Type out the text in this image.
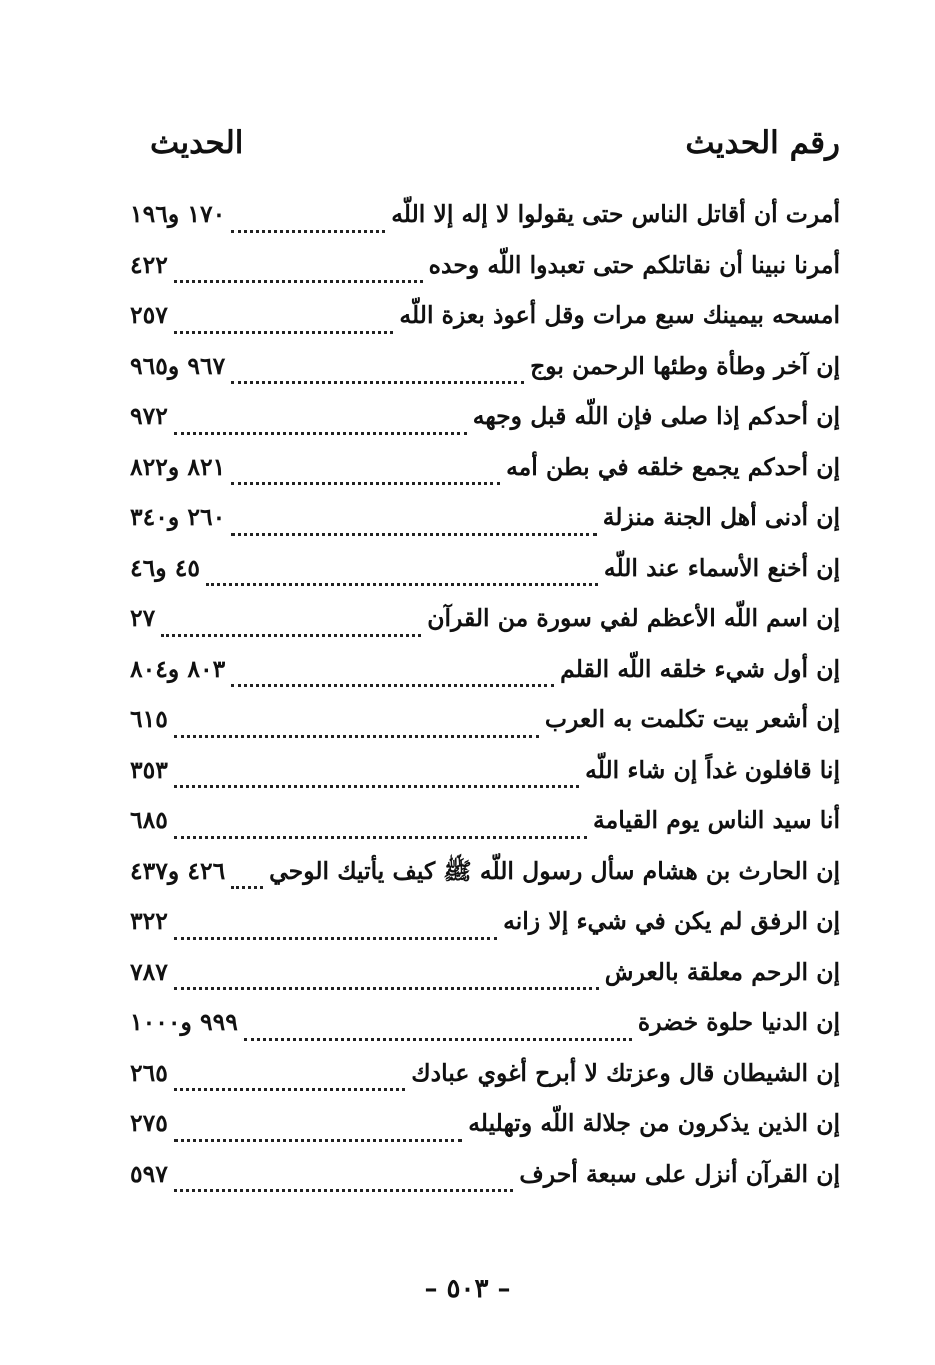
الحديث	رقم الحديث
أمرت أن أقاتل الناس حتى يقولوا لا إله إلا اللّه
١٧٠ و١٩٦
أمرنا نبينا أن نقاتلكم حتى تعبدوا اللّه وحده
٤٢٢
امسحه بيمينك سبع مرات وقل أعوذ بعزة اللّه
٢٥٧
إن آخر وطأة وطئها الرحمن بوج
٩٦٧ و٩٦٥
إن أحدكم إذا صلى فإن اللّه قبل وجهه
٩٧٢
إن أحدكم يجمع خلقه في بطن أمه
٨٢١ و٨٢٢
إن أدنى أهل الجنة منزلة
٢٦٠ و٣٤٠
إن أخنع الأسماء عند اللّه
٤٥ و٤٦
إن اسم اللّه الأعظم لفي سورة من القرآن
٢٧
إن أول شيء خلقه اللّه القلم
٨٠٣ و٨٠٤
إن أشعر بيت تكلمت به العرب
٦١٥
إنا قافلون غداً إن شاء اللّه
٣٥٣
أنا سيد الناس يوم القيامة
٦٨٥
إن الحارث بن هشام سأل رسول اللّه ﷺ كيف يأتيك الوحي
٤٢٦ و٤٣٧
إن الرفق لم يكن في شيء إلا زانه
٣٢٢
إن الرحم معلقة بالعرش
٧٨٧
إن الدنيا حلوة خضرة
٩٩٩ و١٠٠٠
إن الشيطان قال وعزتك لا أبرح أغوي عبادك
٢٦٥
إن الذين يذكرون من جلالة اللّه وتهليله
٢٧٥
إن القرآن أنزل على سبعة أحرف
٥٩٧
– ٥٠٣ –
